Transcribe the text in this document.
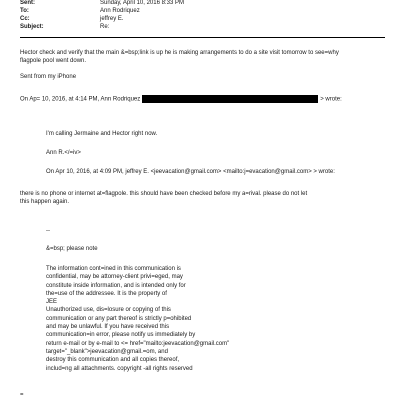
Sent:	Sunday, April 10, 2016 8:33 PM
To:	Ann Rodriquez
Cc:	jeffrey E.
Subject:	Re:
Hector check and verify that the main &=bsp;link is up he is making arrangements to do a site visit tomorrow to see=why
flagpole pool went down.
Sent from my iPhone
On Ap= 10, 2016, at 4:14 PM, Ann Rodriquez	> wrote:
I'm calling Jermaine and Hector right now.
Ann R.</=iv>
On Apr 10, 2016, at 4:09 PM, jeffrey E. <jeevacation@gmail.com> <mailto:j=evacation@gmail.com> > wrote:
there is no phone or internet at=flagpole. this should have been checked before my a=rival. please do not let
this happen again.
--
&=bsp; please note
The information cont=ined in this communication is
confidential, may be attorney-client privi=eged, may
constitute inside information, and is intended only for
the=use of the addressee. It is the property of
JEE
Unauthorized use, dis=losure or copying of this
communication or any part thereof is strictly p=ohibited
and may be unlawful. If you have received this
communication=in error, please notify us immediately by
return e-mail or by e-mail to <= href="mailto:jeevacation@gmail.com"
target="_blank">jeevacation@gmail.=om, and
destroy this communication and all copies thereof,
includ=ng all attachments. copyright -all rights reserved
=
